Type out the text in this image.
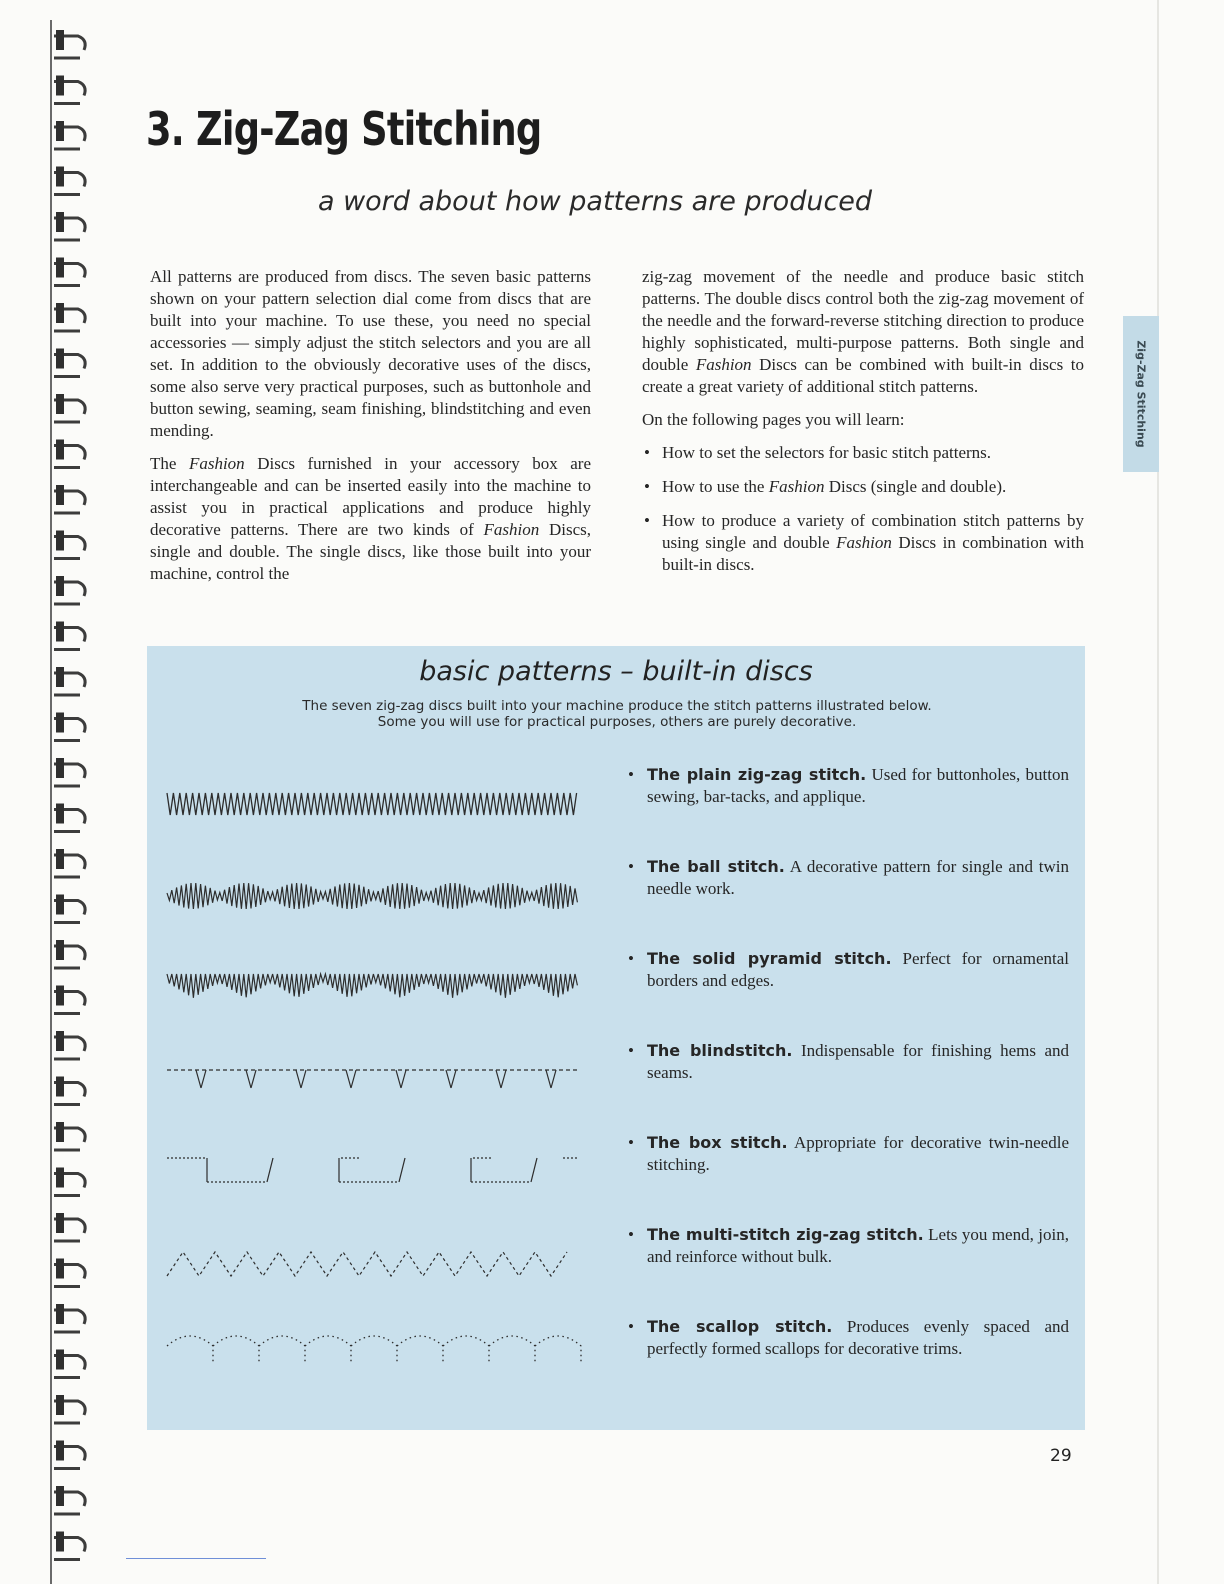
3. Zig-Zag Stitching
a word about how patterns are produced

All patterns are produced from discs. The seven basic patterns shown on your pattern selection dial come from discs that are built into your machine. To use these, you need no special accessories — simply adjust the stitch selectors and you are all set. In addition to the obviously decorative uses of the discs, some also serve very practical purposes, such as buttonhole and button sewing, seaming, seam finishing, blindstitching and even mending.

The Fashion Discs furnished in your accessory box are interchangeable and can be inserted easily into the machine to assist you in practical applications and produce highly decorative patterns. There are two kinds of Fashion Discs, single and double. The single discs, like those built into your machine, control the

zig-zag movement of the needle and produce basic stitch patterns. The double discs control both the zig-zag movement of the needle and the forward-reverse stitching direction to produce highly sophisticated, multi-purpose patterns. Both single and double Fashion Discs can be combined with built-in discs to create a great variety of additional stitch patterns.

On the following pages you will learn:

• How to set the selectors for basic stitch patterns.
• How to use the Fashion Discs (single and double).
• How to produce a variety of combination stitch patterns by using single and double Fashion Discs in combination with built-in discs.
Zig-Zag Stitching
basic patterns – built-in discs

The seven zig-zag discs built into your machine produce the stitch patterns illustrated below. Some you will use for practical purposes, others are purely decorative.

• The plain zig-zag stitch. Used for buttonholes, button sewing, bar-tacks, and applique.
• The ball stitch. A decorative pattern for single and twin needle work.
• The solid pyramid stitch. Perfect for ornamental borders and edges.
• The blindstitch. Indispensable for finishing hems and seams.
• The box stitch. Appropriate for decorative twin-needle stitching.
• The multi-stitch zig-zag stitch. Lets you mend, join, and reinforce without bulk.
• The scallop stitch. Produces evenly spaced and perfectly formed scallops for decorative trims.
29
